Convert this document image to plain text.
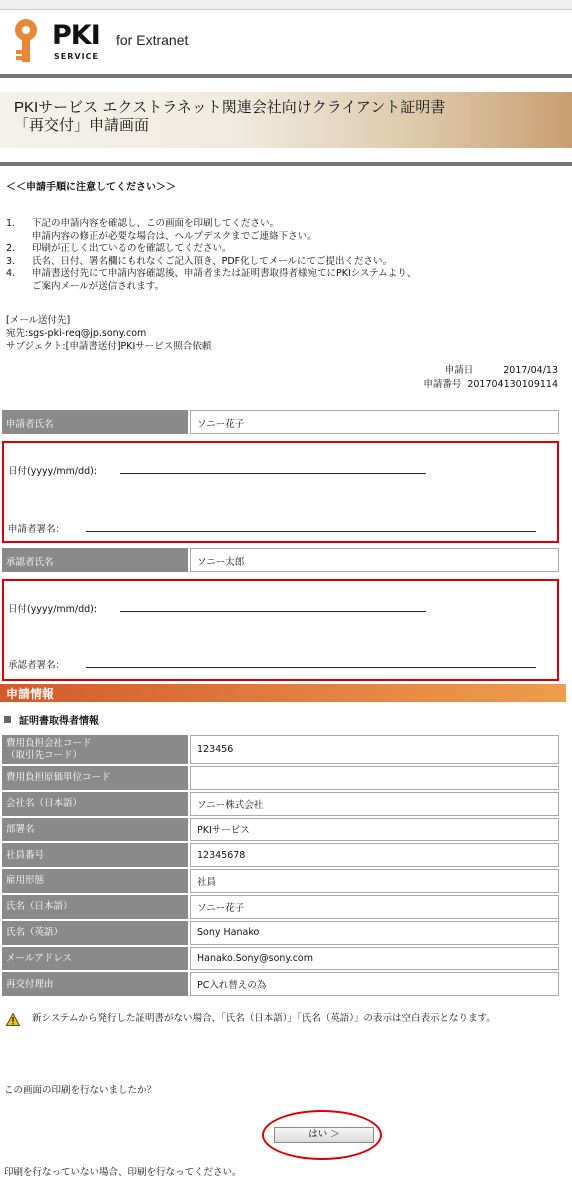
PKI
SERVICE
for Extranet
PKIサービス エクストラネット関連会社向けクライアント証明書
「再交付」申請画面
＜＜申請手順に注意してください＞＞
1．	下記の申請内容を確認し、この画面を印刷してください。
申請内容の修正が必要な場合は、ヘルプデスクまでご連絡下さい。
2．	印刷が正しく出ているのを確認してください。
3．	氏名、日付、署名欄にもれなくご記入頂き、PDF化してメールにてご提出ください。
4．	申請書送付先にて申請内容確認後、申請者または証明書取得者様宛てにPKIシステムより、
ご案内メールが送信されます。
[メール送付先]
宛先:sgs-pki-req@jp.sony.com
サブジェクト:[申請書送付]PKIサービス照合依頼
申請日	2017/04/13
申請番号 201704130109114
申請者氏名	ソニー花子
日付(yyyy/mm/dd):
申請者署名：
承認者氏名	ソニー太郎
日付(yyyy/mm/dd):
承認者署名：
申請情報
証明書取得者情報
費用負担会社コード
（取引先コード）	123456
費用負担原価単位コード
会社名（日本語）	ソニー株式会社
部署名	PKIサービス
社員番号	12345678
雇用形態	社員
氏名（日本語）	ソニー花子
氏名（英語）	Sony Hanako
メールアドレス	Hanako.Sony@sony.com
再交付理由	PC入れ替えの為
新システムから発行した証明書がない場合、「氏名（日本語）」「氏名（英語）」の表示は空白表示となります。
この画面の印刷を行ないましたか？
はい ＞
印刷を行なっていない場合、印刷を行なってください。
